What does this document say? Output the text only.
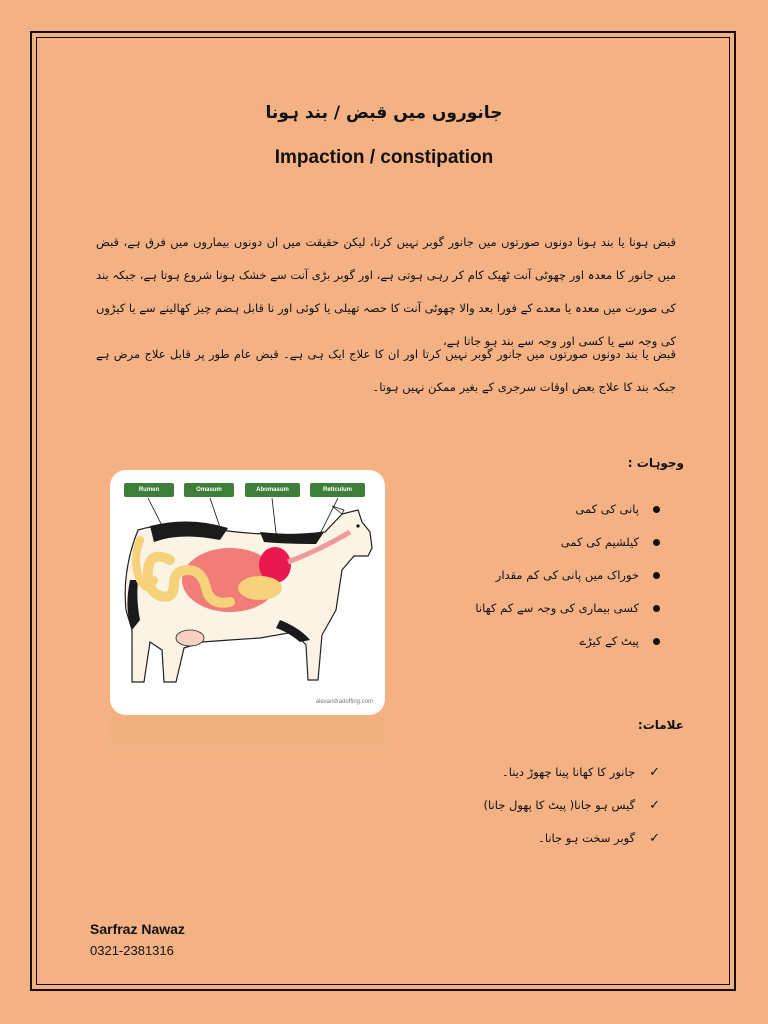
جانوروں میں قبض / بند ہونا
Impaction / constipation
قبض ہونا یا بند ہونا دونوں صورتوں میں جانور گوبر نہیں کرتا، لیکن حقیقت میں ان دونوں بیماروں میں فرق ہے، قبض میں جانور کا معدہ اور چھوٹی آنت ٹھیک کام کر رہی ہوتی ہے، اور گوبر بڑی آنت سے خشک ہونا شروع ہوتا ہے، جبکہ بند کی صورت میں معدہ یا معدے کے فورا بعد والا چھوٹی آنت کا حصہ تھیلی یا کوئی اور نا قابل ہضم چیز کھالینے سے یا کیڑوں کی وجہ سے یا کسی اور وجہ سے بند ہو جاتا ہے،
قبض یا بند دونوں صورتوں میں جانور گوبر نہیں کرتا اور ان کا علاج ایک ہی ہے۔ قبض عام طور پر قابل علاج مرض ہے جبکہ بند کا علاج بعض اوقات سرجری کے بغیر ممکن نہیں ہوتا۔
وجوہات :
پانی کی کمی
کیلشیم کی کمی
خوراک میں پانی کی کم مقدار
کسی بیماری کی وجہ سے کم کھانا
پیٹ کے کیڑے
علامات:
✓
جانور کا کھانا پینا چھوڑ دینا۔
✓
گیس ہو جانا( پیٹ کا پھول جانا)
✓
گوبر سخت ہو جانا۔
Rumen	Omasum	Abomasum	Reticulum
alexandradoffing.com
Sarfraz Nawaz
0321-2381316
